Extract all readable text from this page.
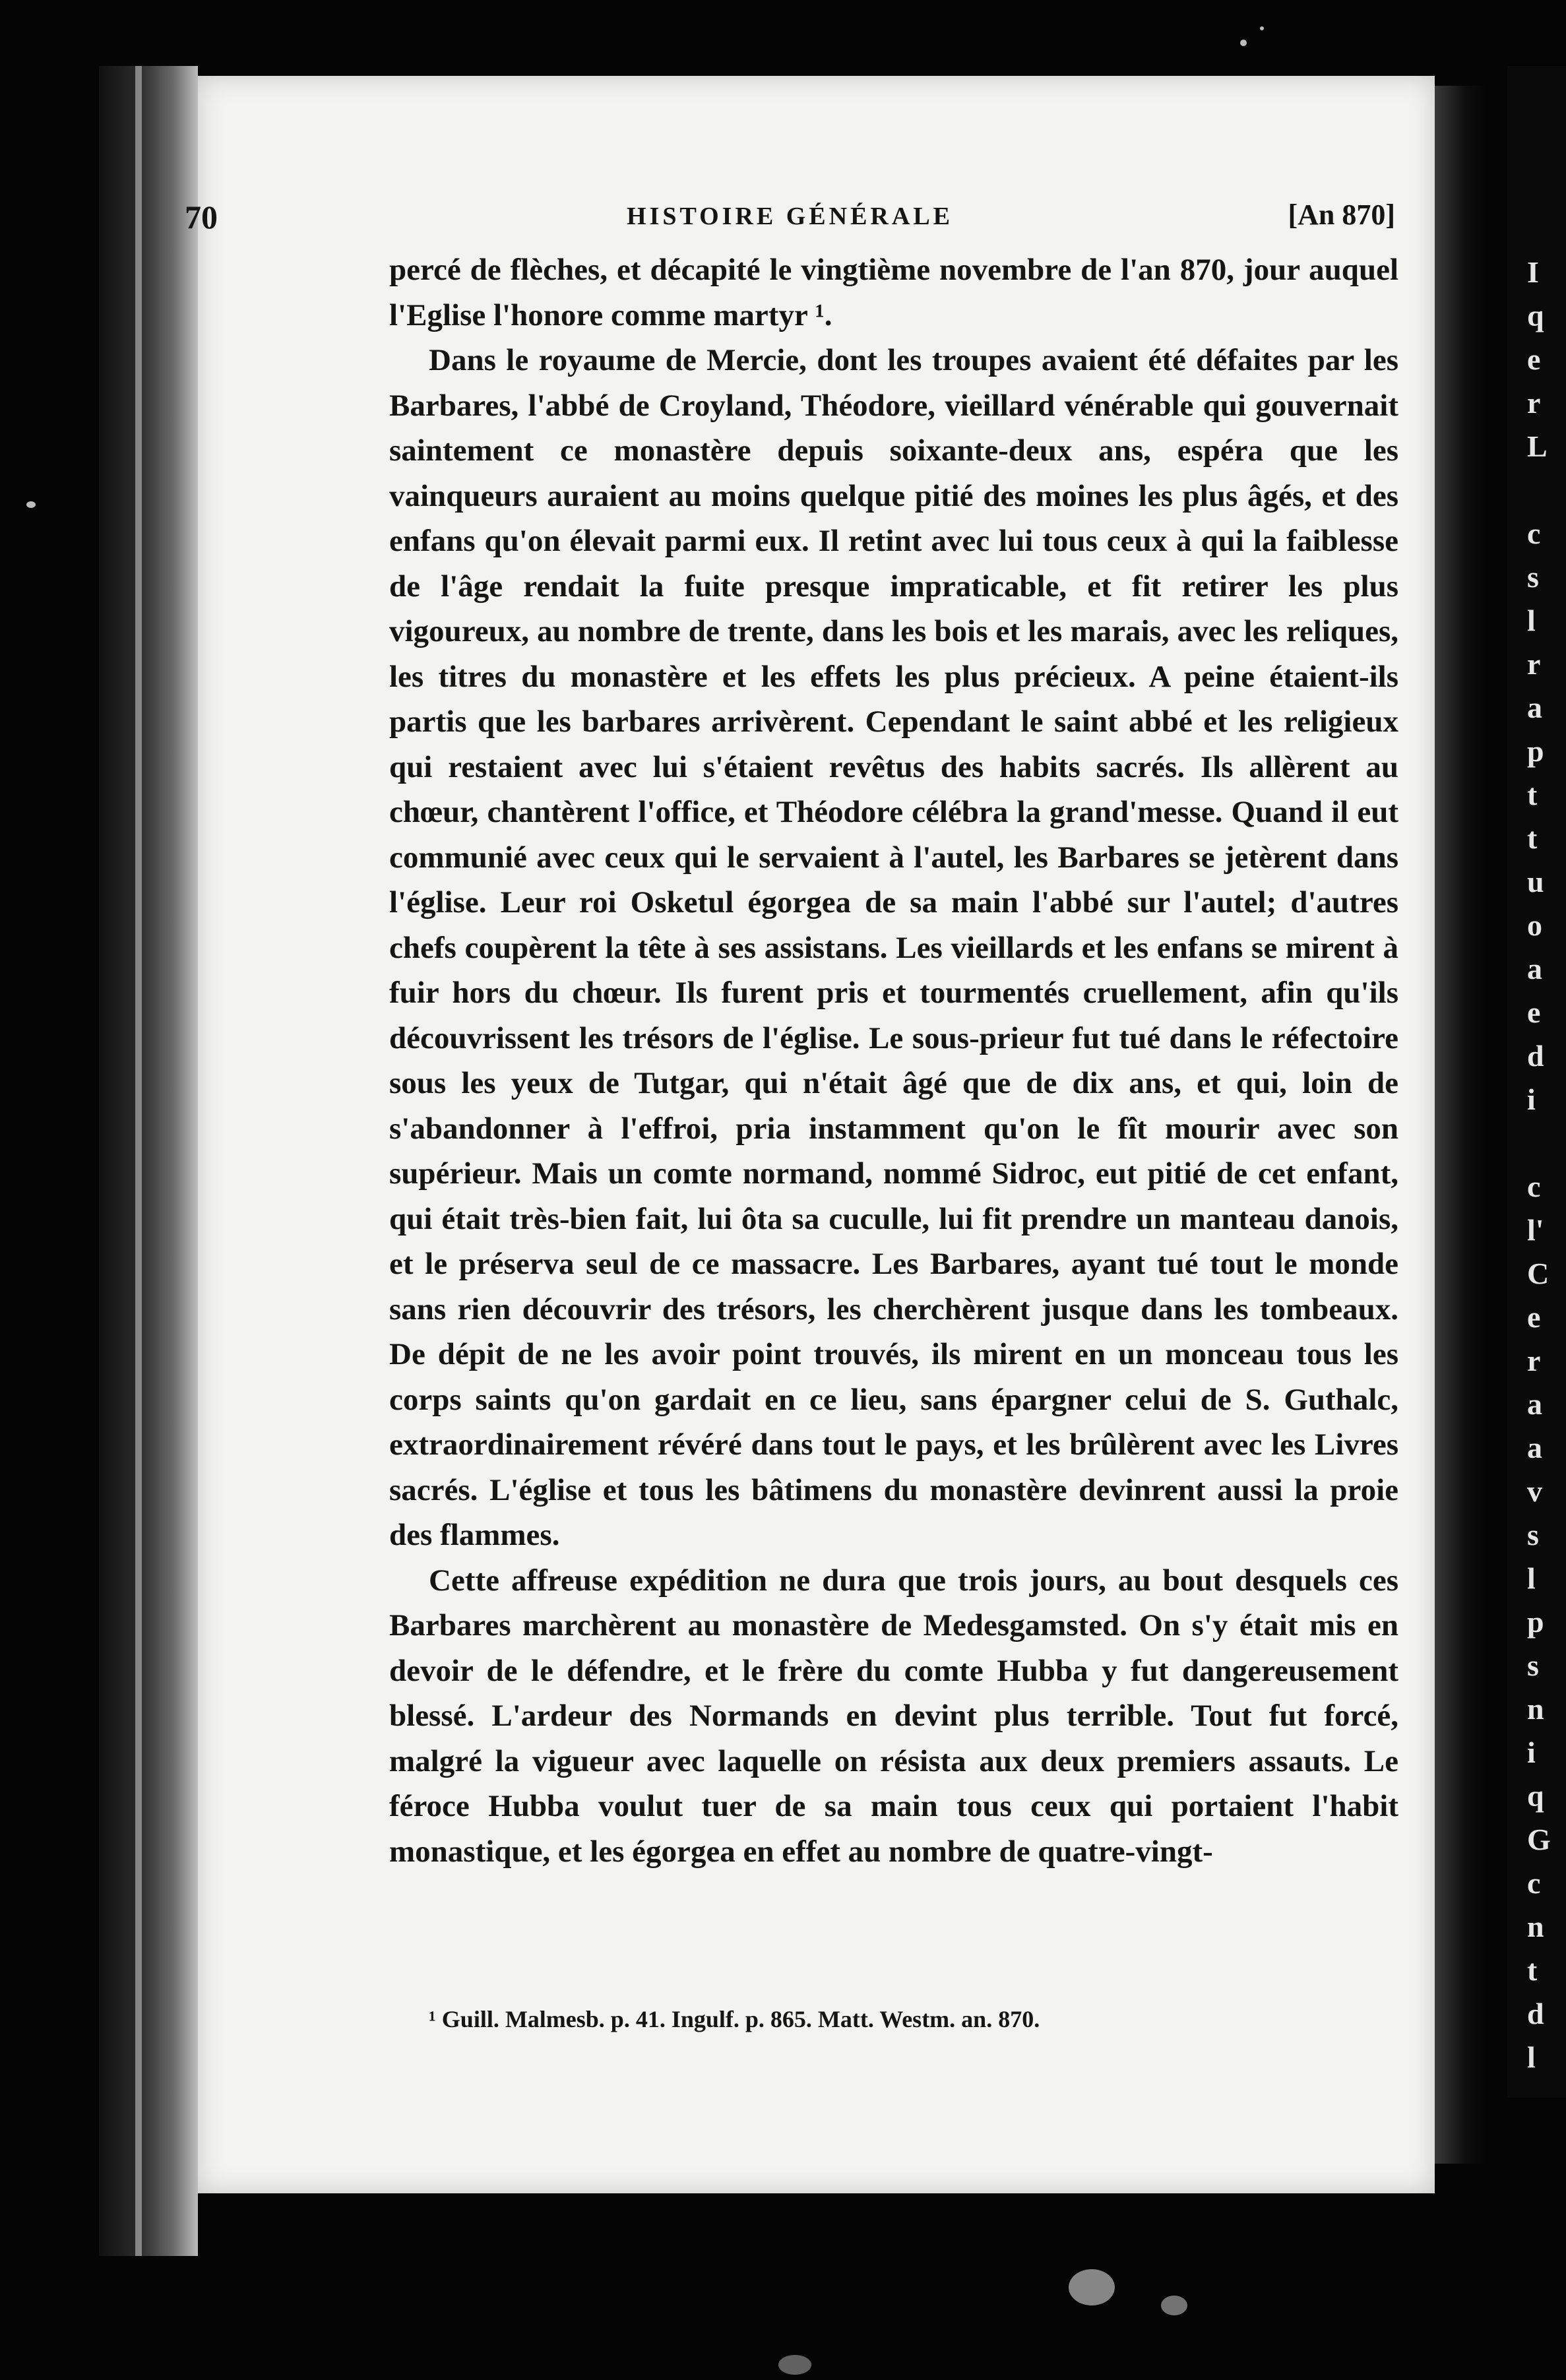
I
q
e
r
L

c
s
l
r
a
p
t
t
u
o
a
e
d
i

c
l'
C
e
r
a
a
v
s
l
p
s
n
i
q
G
c
n
t
d
l
70	HISTOIRE GÉNÉRALE	[An 870]

percé de flèches, et décapité le vingtième novembre de l'an 870, jour auquel l'Eglise l'honore comme martyr ¹.

Dans le royaume de Mercie, dont les troupes avaient été défaites par les Barbares, l'abbé de Croyland, Théodore, vieillard vénérable qui gouvernait saintement ce monastère depuis soixante-deux ans, espéra que les vainqueurs auraient au moins quelque pitié des moines les plus âgés, et des enfans qu'on élevait parmi eux. Il retint avec lui tous ceux à qui la faiblesse de l'âge rendait la fuite presque impraticable, et fit retirer les plus vigoureux, au nombre de trente, dans les bois et les marais, avec les reliques, les titres du monastère et les effets les plus précieux. A peine étaient-ils partis que les barbares arrivèrent. Cependant le saint abbé et les religieux qui restaient avec lui s'étaient revêtus des habits sacrés. Ils allèrent au chœur, chantèrent l'office, et Théodore célébra la grand'messe. Quand il eut communié avec ceux qui le servaient à l'autel, les Barbares se jetèrent dans l'église. Leur roi Osketul égorgea de sa main l'abbé sur l'autel; d'autres chefs coupèrent la tête à ses assistans. Les vieillards et les enfans se mirent à fuir hors du chœur. Ils furent pris et tourmentés cruellement, afin qu'ils découvrissent les trésors de l'église. Le sous-prieur fut tué dans le réfectoire sous les yeux de Tutgar, qui n'était âgé que de dix ans, et qui, loin de s'abandonner à l'effroi, pria instamment qu'on le fît mourir avec son supérieur. Mais un comte normand, nommé Sidroc, eut pitié de cet enfant, qui était très-bien fait, lui ôta sa cuculle, lui fit prendre un manteau danois, et le préserva seul de ce massacre. Les Barbares, ayant tué tout le monde sans rien découvrir des trésors, les cherchèrent jusque dans les tombeaux. De dépit de ne les avoir point trouvés, ils mirent en un monceau tous les corps saints qu'on gardait en ce lieu, sans épargner celui de S. Guthalc, extraordinairement révéré dans tout le pays, et les brûlèrent avec les Livres sacrés. L'église et tous les bâtimens du monastère devinrent aussi la proie des flammes.

Cette affreuse expédition ne dura que trois jours, au bout desquels ces Barbares marchèrent au monastère de Medesgamsted. On s'y était mis en devoir de le défendre, et le frère du comte Hubba y fut dangereusement blessé. L'ardeur des Normands en devint plus terrible. Tout fut forcé, malgré la vigueur avec laquelle on résista aux deux premiers assauts. Le féroce Hubba voulut tuer de sa main tous ceux qui portaient l'habit monastique, et les égorgea en effet au nombre de quatre-vingt-

¹ Guill. Malmesb. p. 41. Ingulf. p. 865. Matt. Westm. an. 870.
